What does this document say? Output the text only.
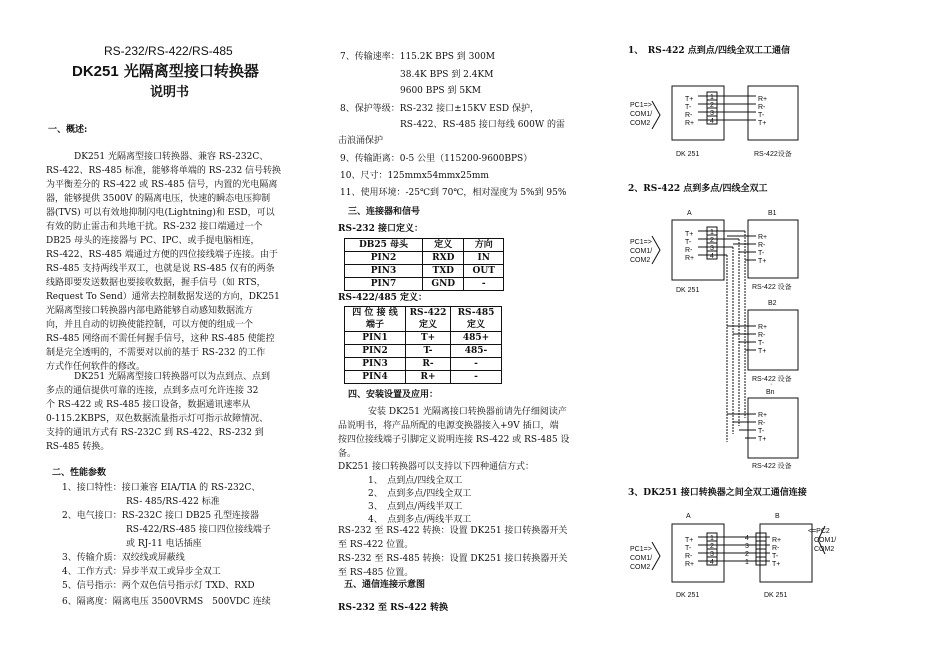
RS-232/RS-422/RS-485
DK251 光隔离型接口转换器
说明书
一、概述:
DK251 光隔离型接口转换器、兼容 RS-232C、
RS-422、RS-485 标准，能够将单端的 RS-232 信号转换
为平衡差分的 RS-422 或 RS-485 信号，内置的光电隔离
器，能够提供 3500V 的隔离电压，快速的瞬态电压抑制
器(TVS) 可以有效地抑制闪电(Lightning)和 ESD，可以
有效的防止雷击和共地干扰。RS-232 接口端通过一个
DB25 母头的连接器与 PC、IPC、或手提电脑相连，
RS-422、RS-485 端通过方便的四位接线端子连接。由于
RS-485 支持两线半双工，也就是说 RS-485 仅有的两条
线路即要发送数据也要接收数据，握手信号（如 RTS，
Request To Send）通常去控制数据发送的方向，DK251
光隔离型接口转换器内部电路能够自动感知数据流方
向，并且自动的切换使能控制，可以方便的组成一个
RS-485 网络而不需任何握手信号，这种 RS-485 使能控
制是完全透明的，不需要对以前的基于 RS-232 的工作
方式作任何软件的修改。
DK251 光隔离型接口转换器可以为点到点、点到
多点的通信提供可靠的连接，点到多点可允许连接 32
个 RS-422 或 RS-485 接口设备，数据通讯速率从
0-115.2KBPS，双色数据流量指示灯可指示故障情况、
支持的通讯方式有 RS-232C 到 RS-422、RS-232 到
RS-485 转换。
二、性能参数
1、接口特性：接口兼容 EIA/TIA 的 RS-232C、
RS- 485/RS-422 标准
2、电气接口：RS-232C 接口 DB25 孔型连接器
RS-422/RS-485 接口四位接线端子
或 RJ-11 电话插座
3、传输介质：双绞线或屏蔽线
4、工作方式：异步半双工或异步全双工
5、信号指示：两个双色信号指示灯 TXD、RXD
6、隔离度：隔离电压 3500VRMS　500VDC 连续
7、传输速率：115.2K BPS 到 300M
38.4K BPS 到 2.4KM
9600 BPS 到 5KM
8、保护等级：RS-232 接口±15KV ESD 保护，
RS-422、RS-485 接口每线 600W 的雷
击浪涌保护
9、传输距离：0-5 公里（115200-9600BPS）
10、尺寸：125mmx54mmx25mm
11、使用环境：-25℃到 70℃，相对湿度为 5%到 95%
三、连接器和信号
RS-232 接口定义：
DB25 母头	定义	方向
PIN2	RXD	IN
PIN3	TXD	OUT
PIN7	GND	-
RS-422/485 定义：
四 位 接 线 端子	RS-422 定义	RS-485 定义
PIN1	T+	485+
PIN2	T-	485-
PIN3	R-	-
PIN4	R+	-
四、安装设置及应用：
安装 DK251 光隔离接口转换器前请先仔细阅读产
品说明书，将产品所配的电源变换器接入+9V 插口，端
按四位接线端子引脚定义说明连接 RS-422 或 RS-485 设
备。
DK251 接口转换器可以支持以下四种通信方式：
1、　点到点/四线全双工
2、　点到多点/四线全双工
3、　点到点/两线半双工
4、　点到多点/两线半双工
RS-232 至 RS-422 转换：设置 DK251 接口转换器开关
至 RS-422 位置。
RS-232 至 RS-485 转换：设置 DK251 接口转换器开关
至 RS-485 位置。
五、通信连接示意图
RS-232 至 RS-422 转换
1、　RS-422 点到点/四线全双工工通信
2、RS-422 点到多点/四线全双工
3、DK251 接口转换器之间全双工通信连接
PC1=>
COM1/
COM2
T+
T-
R-
R+
1
2
3
4
R+
R-
T-
T+
DK 251	RS-422设备
A	B1
PC1=>
COM1/
COM2
T+
T-
R-
R+
1
2
3
4
R+
R-
T-
T+
DK 251	RS-422 设备
B2
R+
R-
T-
T+
RS-422 设备
·
Bn
R+
R-
T-
T+
RS-422 设备
A	B
PC1=>
COM1/
COM2
T+
T-
R-
R+
1
2
3
4
4
3
2
1
R+
R-
T-
T+
<=PC2
COM1/
COM2
DK 251	DK 251
